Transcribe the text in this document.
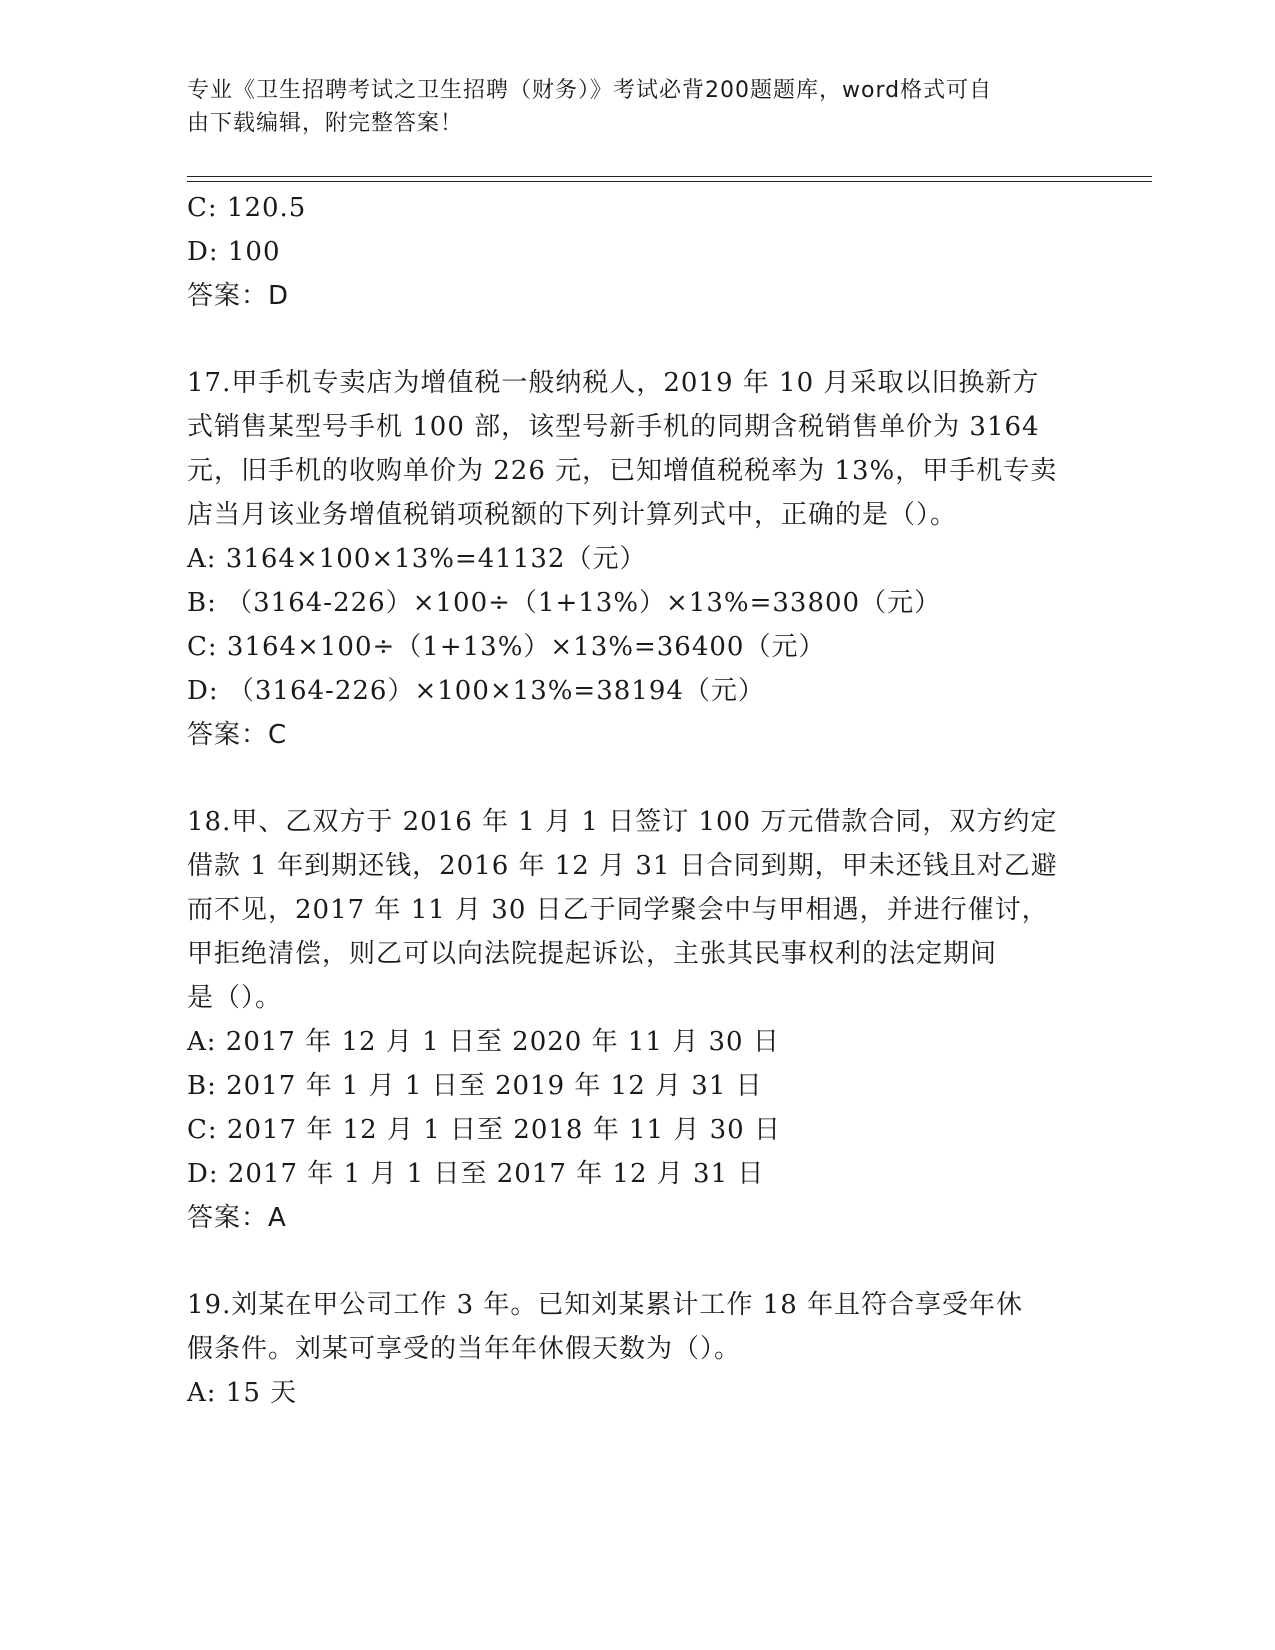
专业《卫生招聘考试之卫生招聘（财务）》考试必背200题题库，word格式可自
由下载编辑，附完整答案！
C: 120.5
D: 100
答案：D
17.甲手机专卖店为增值税一般纳税人，2019 年 10 月采取以旧换新方
式销售某型号手机 100 部，该型号新手机的同期含税销售单价为 3164
元，旧手机的收购单价为 226 元，已知增值税税率为 13%，甲手机专卖
店当月该业务增值税销项税额的下列计算列式中，正确的是（）。
A: 3164×100×13%=41132（元）
B: （3164-226）×100÷（1+13%）×13%=33800（元）
C: 3164×100÷（1+13%）×13%=36400（元）
D: （3164-226）×100×13%=38194（元）
答案：C
18.甲、乙双方于 2016 年 1 月 1 日签订 100 万元借款合同，双方约定
借款 1 年到期还钱，2016 年 12 月 31 日合同到期，甲未还钱且对乙避
而不见，2017 年 11 月 30 日乙于同学聚会中与甲相遇，并进行催讨，
甲拒绝清偿，则乙可以向法院提起诉讼，主张其民事权利的法定期间
是（）。
A: 2017 年 12 月 1 日至 2020 年 11 月 30 日
B: 2017 年 1 月 1 日至 2019 年 12 月 31 日
C: 2017 年 12 月 1 日至 2018 年 11 月 30 日
D: 2017 年 1 月 1 日至 2017 年 12 月 31 日
答案：A
19.刘某在甲公司工作 3 年。已知刘某累计工作 18 年且符合享受年休
假条件。刘某可享受的当年年休假天数为（）。
A: 15 天
